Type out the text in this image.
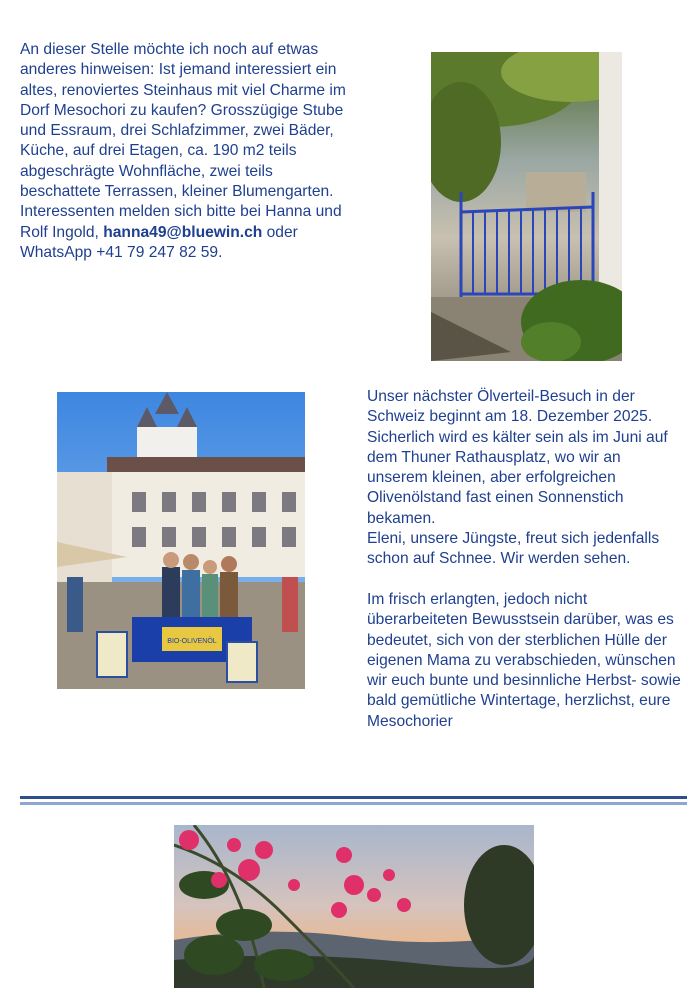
An dieser Stelle möchte ich noch auf etwas anderes hinweisen: Ist jemand interessiert ein altes, renoviertes Steinhaus mit viel Charme im Dorf Mesochori zu kaufen? Grosszügige Stube und Essraum, drei Schlafzimmer, zwei Bäder, Küche, auf drei Etagen, ca. 190 m2 teils abgeschrägte Wohnfläche, zwei teils beschattete Terrassen, kleiner Blumengarten. Interessenten melden sich bitte bei Hanna und Rolf Ingold, hanna49@bluewin.ch oder WhatsApp +41 79 247 82 59.
BIO-OLIVENÖL

Unser nächster Ölverteil-Besuch in der Schweiz beginnt am 18. Dezember 2025. Sicherlich wird es kälter sein als im Juni auf dem Thuner Rathausplatz, wo wir an unserem kleinen, aber erfolgreichen Olivenölstand fast einen Sonnenstich bekamen.

Eleni, unsere Jüngste, freut sich jedenfalls schon auf Schnee. Wir werden sehen.

Im frisch erlangten, jedoch nicht überarbeiteten Bewusstsein darüber, was es bedeutet, sich von der sterblichen Hülle der eigenen Mama zu verabschieden, wünschen wir euch bunte und besinnliche Herbst- sowie bald gemütliche Wintertage, herzlichst, eure Mesochorier
